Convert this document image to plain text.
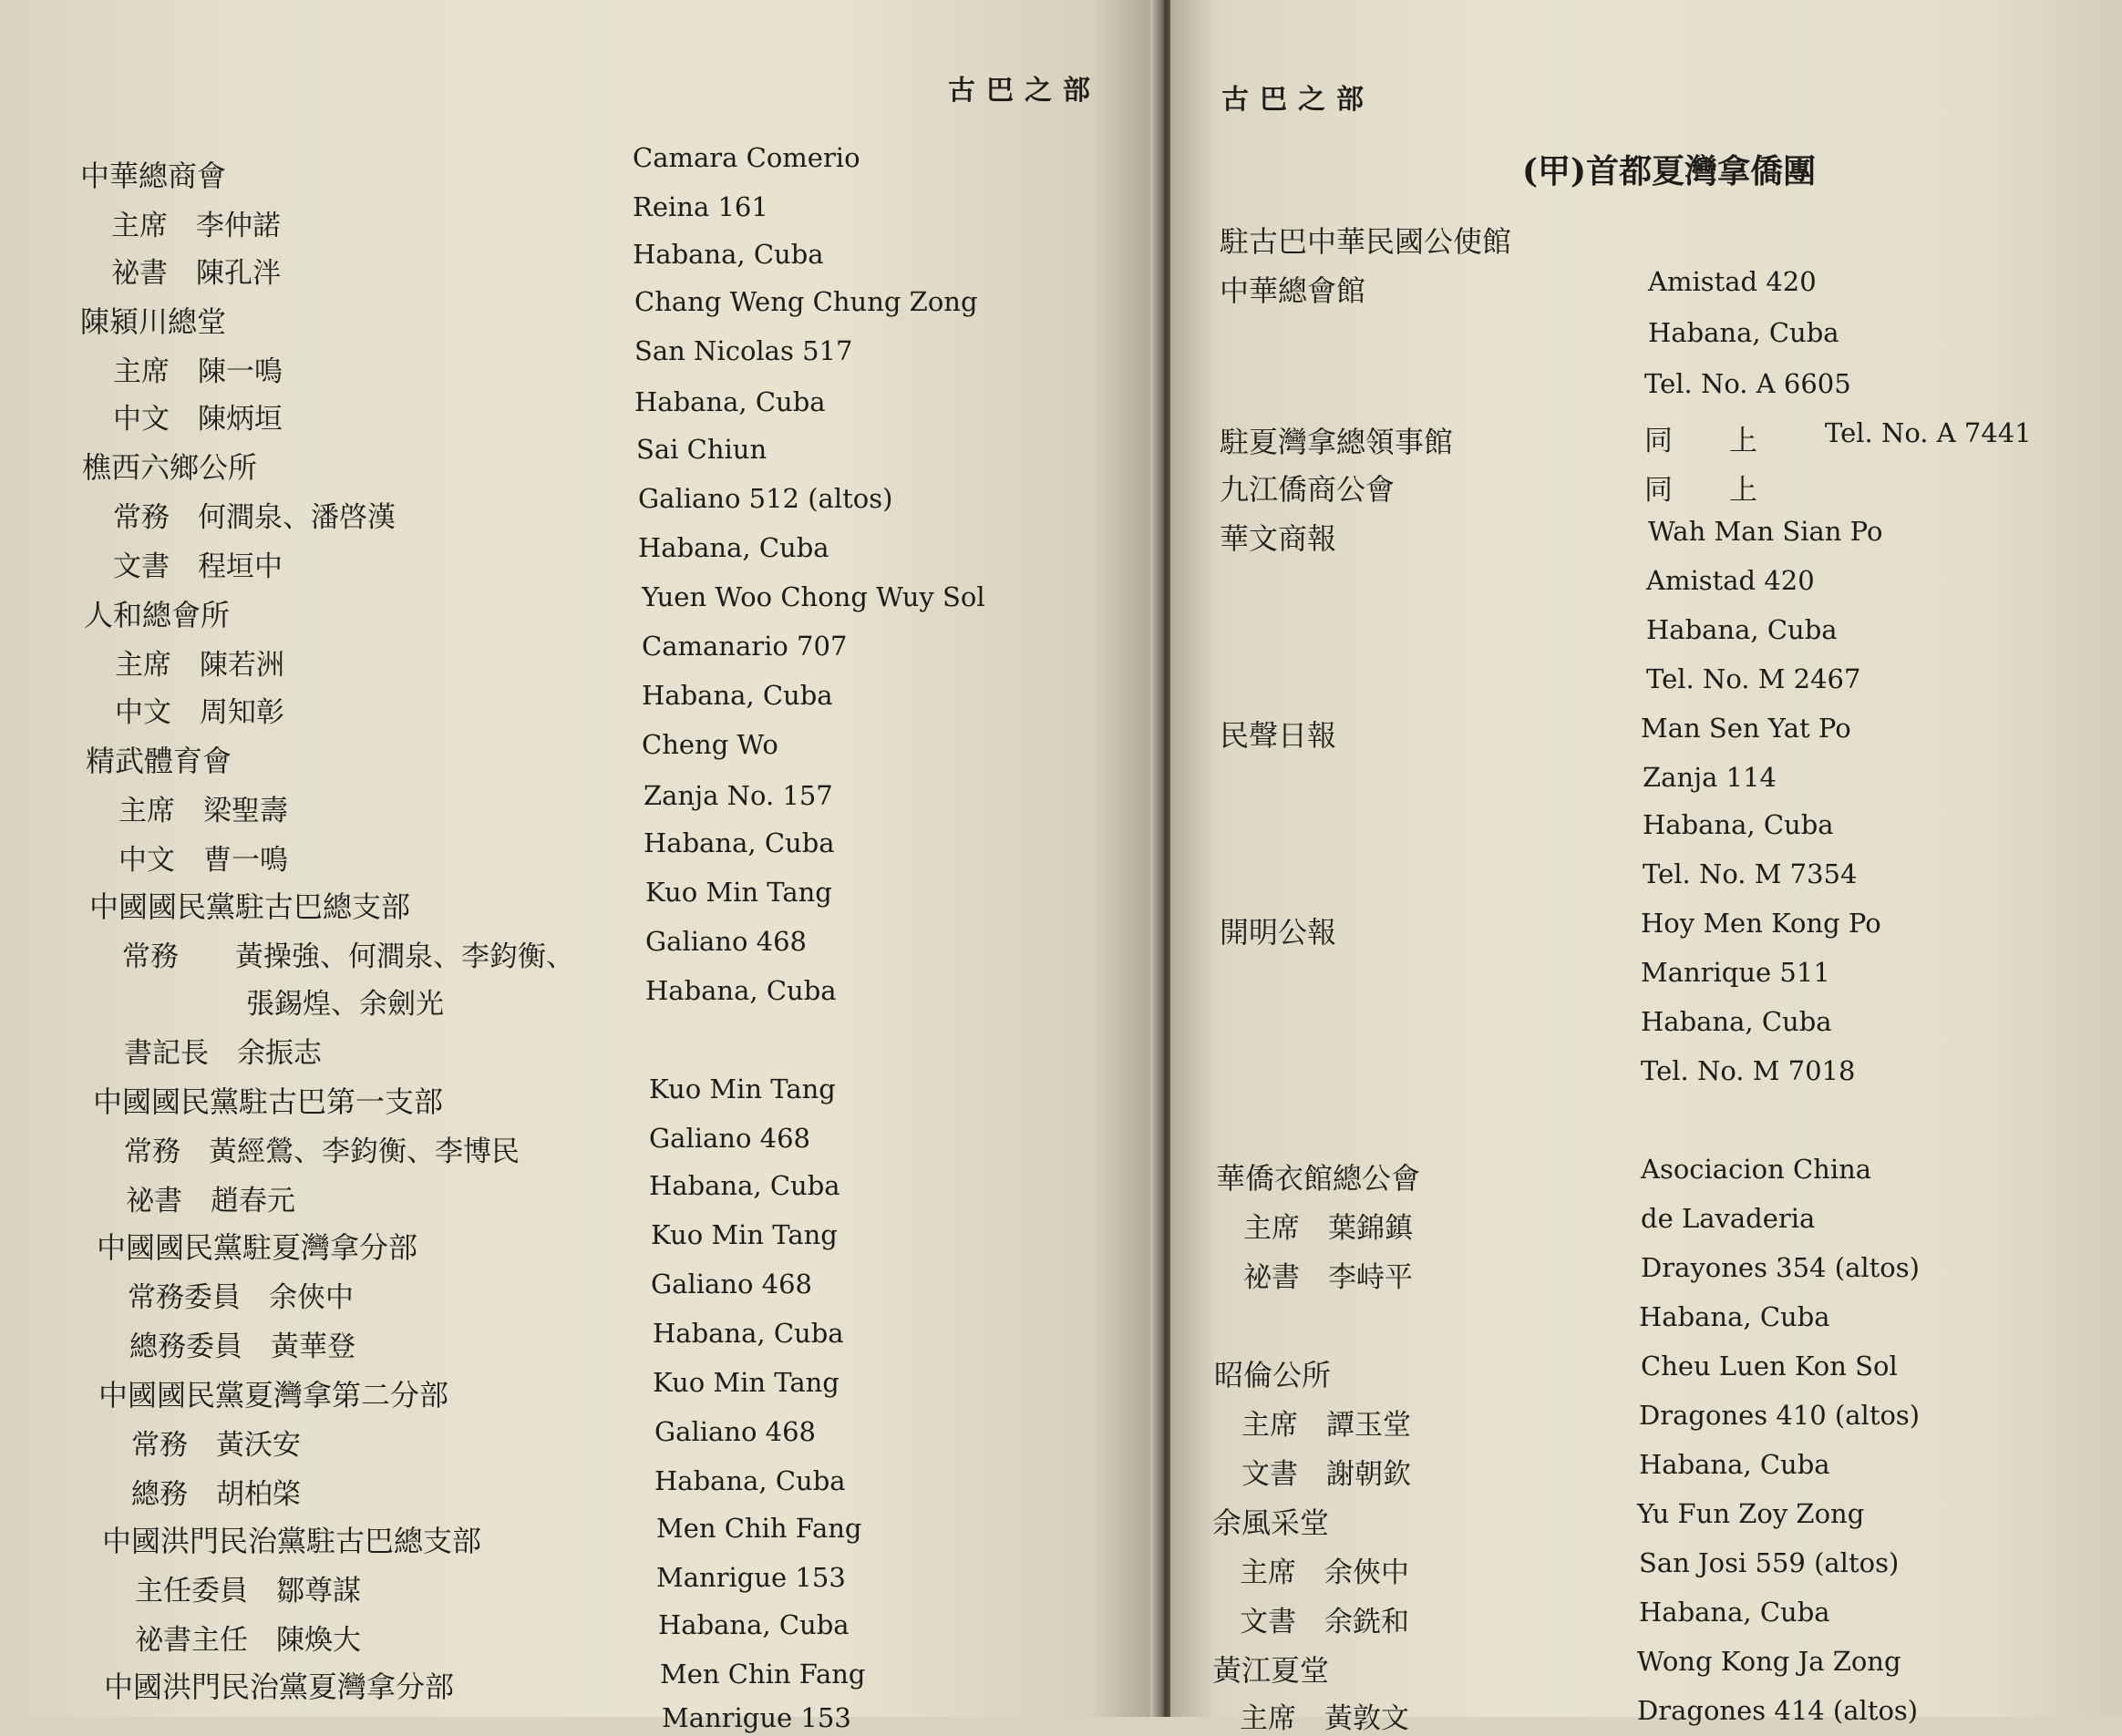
古巴之部
中華總商會
主席　李仲諾
祕書　陳孔泮
陳潁川總堂
主席　陳一鳴
中文　陳炳垣
樵西六鄉公所
常務　何澗泉、潘啓漢
文書　程垣中
人和總會所
主席　陳若洲
中文　周知彰
精武體育會
主席　梁聖壽
中文　曹一鳴
中國國民黨駐古巴總支部
常務　　黃操強、何澗泉、李鈞衡、
張錫煌、余劍光
書記長　余振志
中國國民黨駐古巴第一支部
常務　黃經鶯、李鈞衡、李博民
祕書　趙春元
中國國民黨駐夏灣拿分部
常務委員　余俠中
總務委員　黃華登
中國國民黨夏灣拿第二分部
常務　黃沃安
總務　胡柏棨
中國洪門民治黨駐古巴總支部
主任委員　鄒尊謀
祕書主任　陳煥大
中國洪門民治黨夏灣拿分部
Camara Comerio
Reina 161
Habana, Cuba
Chang Weng Chung Zong
San Nicolas 517
Habana, Cuba
Sai Chiun
Galiano 512 (altos)
Habana, Cuba
Yuen Woo Chong Wuy Sol
Camanario 707
Habana, Cuba
Cheng Wo
Zanja No. 157
Habana, Cuba
Kuo Min Tang
Galiano 468
Habana, Cuba
Kuo Min Tang
Galiano 468
Habana, Cuba
Kuo Min Tang
Galiano 468
Habana, Cuba
Kuo Min Tang
Galiano 468
Habana, Cuba
Men Chih Fang
Manrigue 153
Habana, Cuba
Men Chin Fang
Manrigue 153
古巴之部
(甲)首都夏灣拿僑團
駐古巴中華民國公使館
中華總會館
駐夏灣拿總領事館
九江僑商公會
華文商報
民聲日報
開明公報
華僑衣館總公會
主席　葉錦鎮
祕書　李峙平
昭倫公所
主席　譚玉堂
文書　謝朝欽
余風采堂
主席　余俠中
文書　余銑和
黃江夏堂
主席　黃敦文
Amistad 420
Habana, Cuba
Tel. No. A 6605
同　　上	Tel. No. A 7441
同　　上
Wah Man Sian Po
Amistad 420
Habana, Cuba
Tel. No. M 2467
Man Sen Yat Po
Zanja 114
Habana, Cuba
Tel. No. M 7354
Hoy Men Kong Po
Manrique 511
Habana, Cuba
Tel. No. M 7018
Asociacion China
de Lavaderia
Drayones 354 (altos)
Habana, Cuba
Cheu Luen Kon Sol
Dragones 410 (altos)
Habana, Cuba
Yu Fun Zoy Zong
San Josi 559 (altos)
Habana, Cuba
Wong Kong Ja Zong
Dragones 414 (altos)
